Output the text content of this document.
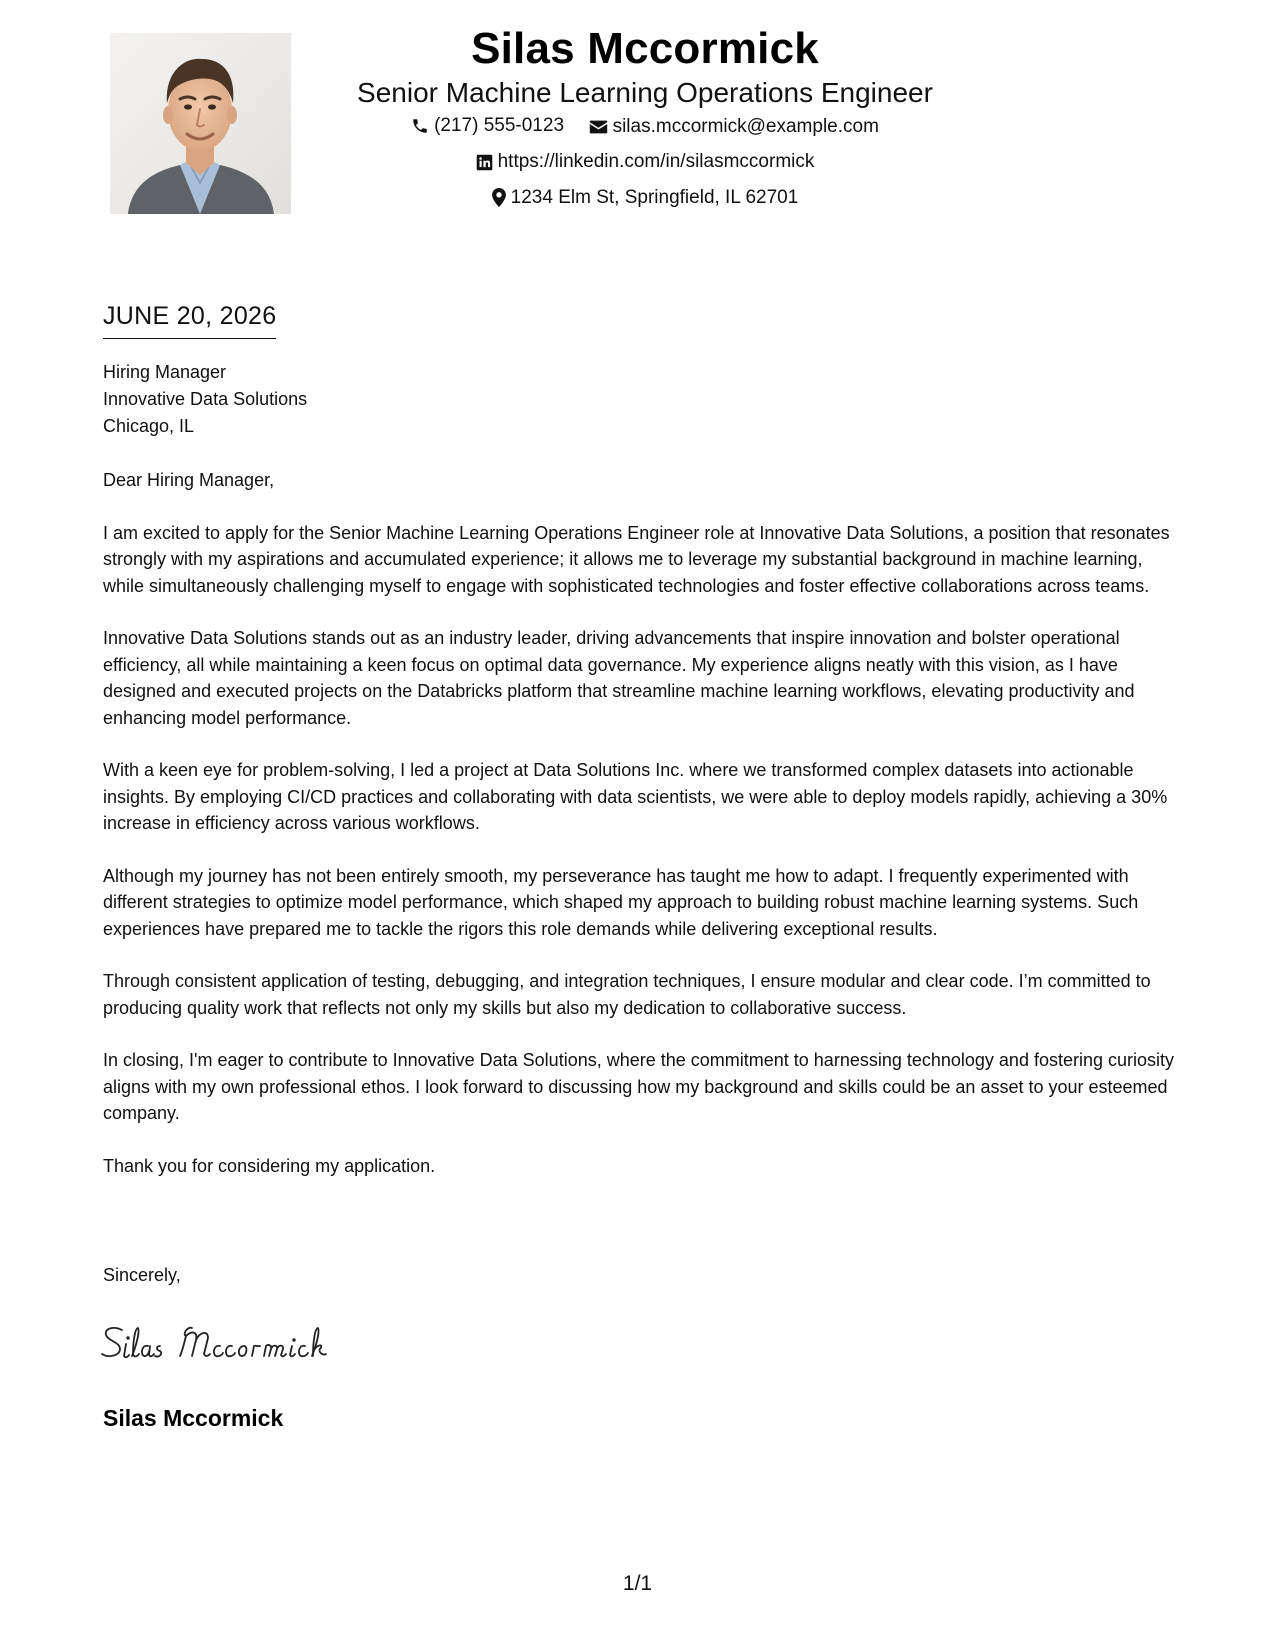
Silas Mccormick
Senior Machine Learning Operations Engineer
(217) 555-0123
	silas.mccormick@example.com
https://linkedin.com/in/silasmccormick
1234 Elm St, Springfield, IL 62701
JUNE 20, 2026
Hiring Manager
Innovative Data Solutions
Chicago, IL

Dear Hiring Manager,

I am excited to apply for the Senior Machine Learning Operations Engineer role at Innovative Data Solutions, a position that resonates strongly with my aspirations and accumulated experience; it allows me to leverage my substantial background in machine learning, while simultaneously challenging myself to engage with sophisticated technologies and foster effective collaborations across teams.

Innovative Data Solutions stands out as an industry leader, driving advancements that inspire innovation and bolster operational efficiency, all while maintaining a keen focus on optimal data governance. My experience aligns neatly with this vision, as I have designed and executed projects on the Databricks platform that streamline machine learning workflows, elevating productivity and enhancing model performance.

With a keen eye for problem-solving, I led a project at Data Solutions Inc. where we transformed complex datasets into actionable insights. By employing CI/CD practices and collaborating with data scientists, we were able to deploy models rapidly, achieving a 30% increase in efficiency across various workflows.

Although my journey has not been entirely smooth, my perseverance has taught me how to adapt. I frequently experimented with different strategies to optimize model performance, which shaped my approach to building robust machine learning systems. Such experiences have prepared me to tackle the rigors this role demands while delivering exceptional results.

Through consistent application of testing, debugging, and integration techniques, I ensure modular and clear code. I’m committed to producing quality work that reflects not only my skills but also my dedication to collaborative success.

In closing, I'm eager to contribute to Innovative Data Solutions, where the commitment to harnessing technology and fostering curiosity aligns with my own professional ethos. I look forward to discussing how my background and skills could be an asset to your esteemed company.

Thank you for considering my application.

Sincerely,
Silas Mccormick
1/1
